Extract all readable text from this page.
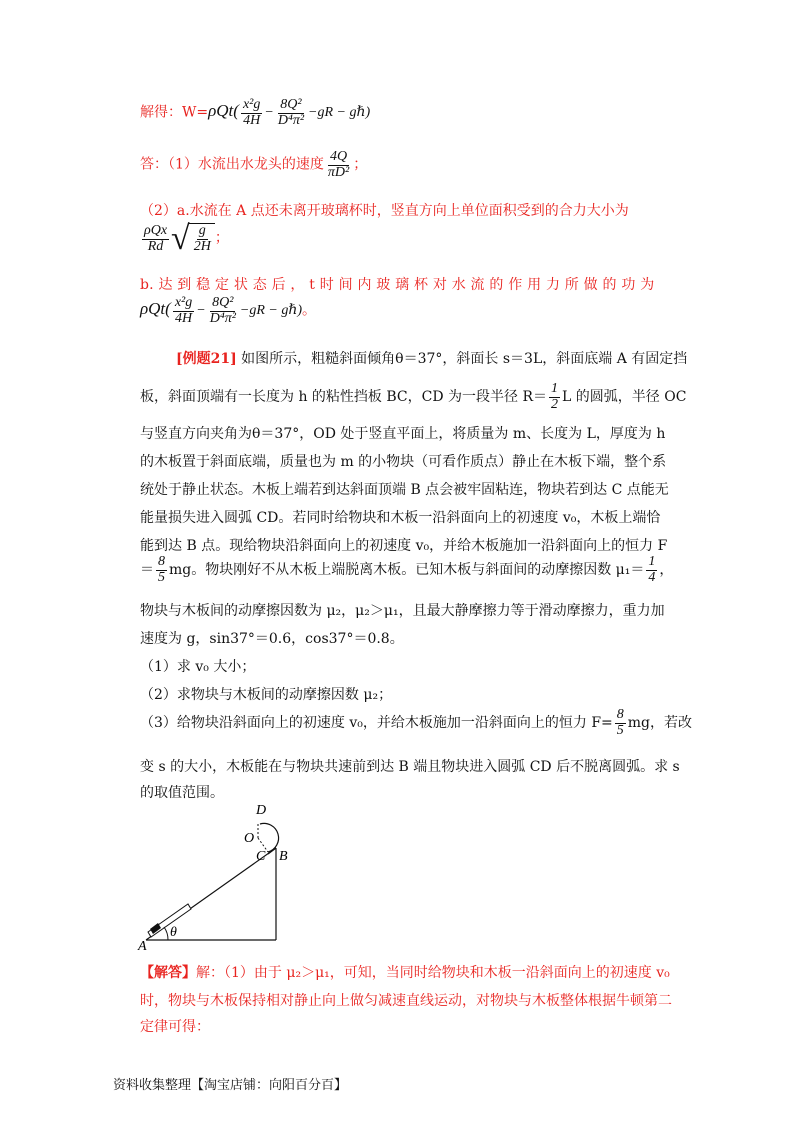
解得：$W=\rho Qt( \frac{\text{x²g}}{4H} - \frac{\text{8Q²}}{\text{D⁴π²}} -gR$ − gℏ)
答：（1）水流出水龙头的速度 $\frac{4Q}{\text{πD²}}$ ；
（2）a.水流在 A 点还未离开玻璃杯时，竖直方向上单位面积受到的合力大小为
$\frac{\text{ρQx}}{Rd}$ √ $\frac{g}{2H}$ ；
b. 达 到 稳 定 状 态 后 ， t 时 间 内 玻 璃 杯 对 水 流 的 作 用 力 所 做 的 功 为
$\rho Qt( \frac{\text{x²g}}{4H} - \frac{\text{8Q²}}{\text{D⁴π²}} -gR$ − gℏ)。
[例题21] 如图所示，粗糙斜面倾角θ＝37°，斜面长 s＝3L，斜面底端 A 有固定挡
板，斜面顶端有一长度为 h 的粘性挡板 BC，CD 为一段半径 $R= \frac{1}{2}$ L 的圆弧，半径 OC
与竖直方向夹角为θ＝37°，OD 处于竖直平面上，将质量为 m、长度为 L，厚度为 h
的木板置于斜面底端，质量也为 m 的小物块（可看作质点）静止在木板下端，整个系
统处于静止状态。木板上端若到达斜面顶端 B 点会被牢固粘连，物块若到达 C 点能无
能量损失进入圆弧 CD。若同时给物块和木板一沿斜面向上的初速度 v₀，木板上端恰
能到达 B 点。现给物块沿斜面向上的初速度 v₀，并给木板施加一沿斜面向上的恒力 F
＝ $\frac{8}{5}$ mg。物块刚好不从木板上端脱离木板。已知木板与斜面间的动摩擦因数 $\mu_1= \frac{1}{4}$ ，
物块与木板间的动摩擦因数为 μ₂，μ₂＞μ₁，且最大静摩擦力等于滑动摩擦力，重力加
速度为 g，sin37°＝0.6，cos37°＝0.8。
（1）求 v₀ 大小；
（2）求物块与木板间的动摩擦因数 μ₂；
（3）给物块沿斜面向上的初速度 v₀，并给木板施加一沿斜面向上的恒力 $F= \frac{8}{5}$ mg，若改
变 s 的大小，木板能在与物块共速前到达 B 端且物块进入圆弧 CD 后不脱离圆弧。求 s
的取值范围。
D
O
C B
A
θ
【解答】解：（1）由于 μ₂＞μ₁，可知，当同时给物块和木板一沿斜面向上的初速度 v₀
时，物块与木板保持相对静止向上做匀减速直线运动，对物块与木板整体根据牛顿第二
定律可得：
资料收集整理【淘宝店铺：向阳百分百】
